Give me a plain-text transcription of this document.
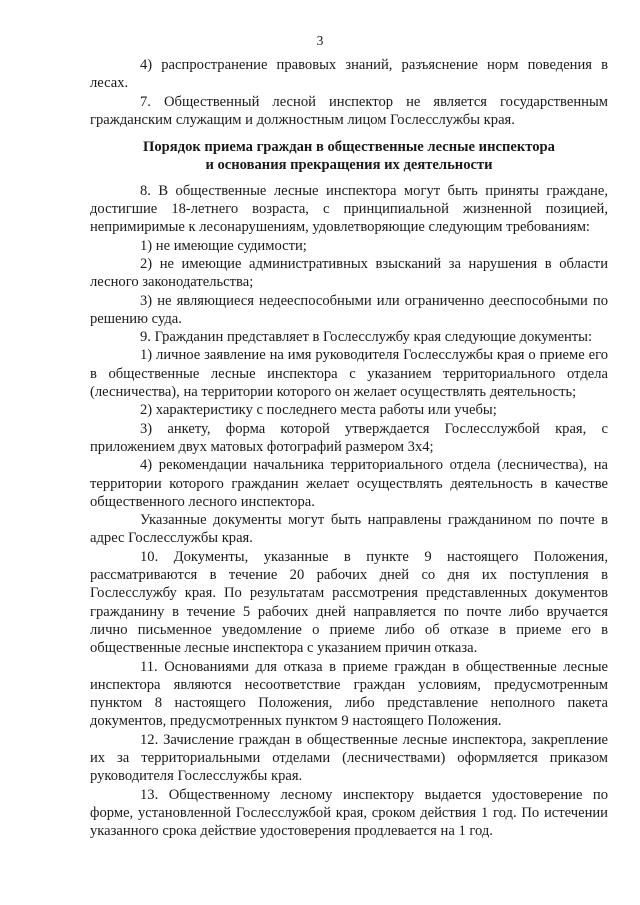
3

4) распространение правовых знаний, разъяснение норм поведения в лесах.

7. Общественный лесной инспектор не является государственным гражданским служащим и должностным лицом Гослесслужбы края.

Порядок приема граждан в общественные лесные инспектора
и основания прекращения их деятельности

8. В общественные лесные инспектора могут быть приняты граждане, достигшие 18-летнего возраста, с принципиальной жизненной позицией, непримиримые к лесонарушениям, удовлетворяющие следующим требованиям:

1) не имеющие судимости;

2) не имеющие административных взысканий за нарушения в области лесного законодательства;

3) не являющиеся недееспособными или ограниченно дееспособными по решению суда.

9. Гражданин представляет в Гослесслужбу края следующие документы:

1) личное заявление на имя руководителя Гослесслужбы края о приеме его в общественные лесные инспектора с указанием территориального отдела (лесничества), на территории которого он желает осуществлять деятельность;

2) характеристику с последнего места работы или учебы;

3) анкету, форма которой утверждается Гослесслужбой края, с приложением двух матовых фотографий размером 3х4;

4) рекомендации начальника территориального отдела (лесничества), на территории которого гражданин желает осуществлять деятельность в качестве общественного лесного инспектора.

Указанные документы могут быть направлены гражданином по почте в адрес Гослесслужбы края.

10. Документы, указанные в пункте 9 настоящего Положения, рассматриваются в течение 20 рабочих дней со дня их поступления в Гослесслужбу края. По результатам рассмотрения представленных документов гражданину в течение 5 рабочих дней направляется по почте либо вручается лично письменное уведомление о приеме либо об отказе в приеме его в общественные лесные инспектора с указанием причин отказа.

11. Основаниями для отказа в приеме граждан в общественные лесные инспектора являются несоответствие граждан условиям, предусмотренным пунктом 8 настоящего Положения, либо представление неполного пакета документов, предусмотренных пунктом 9 настоящего Положения.

12. Зачисление граждан в общественные лесные инспектора, закрепление их за территориальными отделами (лесничествами) оформляется приказом руководителя Гослесслужбы края.

13. Общественному лесному инспектору выдается удостоверение по форме, установленной Гослесслужбой края, сроком действия 1 год. По истечении указанного срока действие удостоверения продлевается на 1 год.
